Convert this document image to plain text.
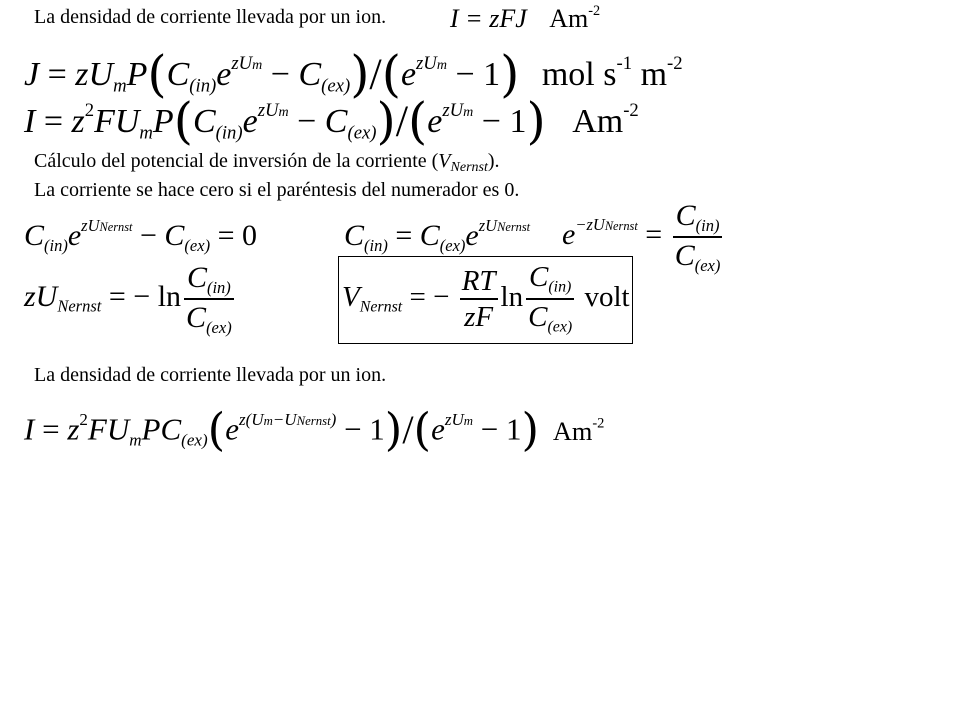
La densidad de corriente llevada por un ion. I = zFJ $Am^{-2}$
$J = zU_mP(C_{(in)}e^{zUm} - C_{(ex)})/(e^{zUm} - 1)$ mol $s^{-1}$ $m^{-2}$
$I = z^2FU_mP(C_{(in)}e^{zUm} - C_{(ex)})/(e^{zUm} - 1)$ $Am^{-2}$
Cálculo del potencial de inversión de la corriente $(V_{Nernst})$.
La corriente se hace cero si el paréntesis del numerador es 0.
$C_{(in)}e^{zUNernst} - C_{(ex)} = 0$
$zU_{Nernst}$ = − $\ln \frac{C_{(in)}}{C_{(ex)}}$
$C_{(in)} = C_{(ex)}e^{zUNernst}$ $e^{-zUNernst} = \frac{C_{(in)}}{C_{(ex)}}$
$V_{Nernst}$ = − $\frac{RT}{zF}$ $\ln \frac{C_{(in)}}{C_{(ex)}}$ volt
La densidad de corriente llevada por un ion.
$I = z^2FU_mPC_{(ex)}(e^{z(Um-UNernst)} - 1)/(e^{zUm} - 1)$ $Am^{-2}$
